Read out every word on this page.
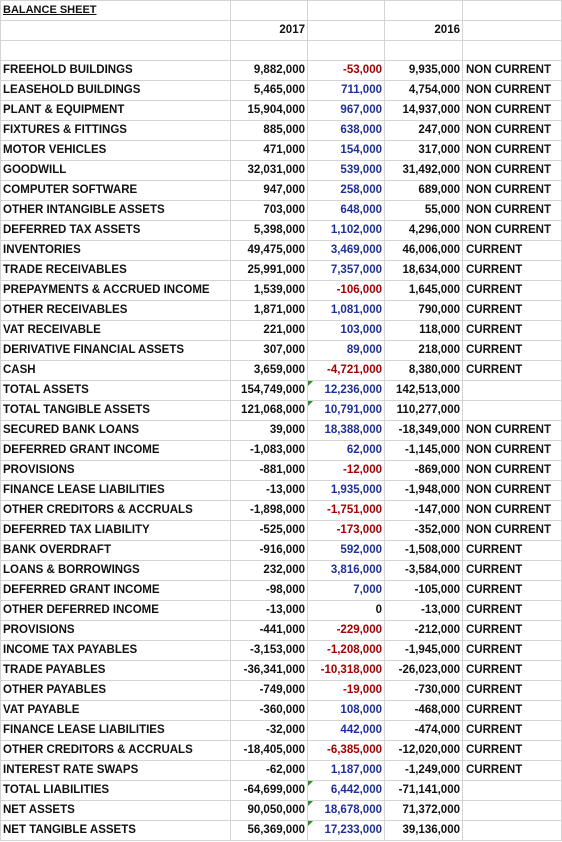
BALANCE SHEET				
	2017		2016	

FREEHOLD BUILDINGS	9,882,000	-53,000	9,935,000	NON CURRENT
LEASEHOLD BUILDINGS	5,465,000	711,000	4,754,000	NON CURRENT
PLANT & EQUIPMENT	15,904,000	967,000	14,937,000	NON CURRENT
FIXTURES & FITTINGS	885,000	638,000	247,000	NON CURRENT
MOTOR VEHICLES	471,000	154,000	317,000	NON CURRENT
GOODWILL	32,031,000	539,000	31,492,000	NON CURRENT
COMPUTER SOFTWARE	947,000	258,000	689,000	NON CURRENT
OTHER INTANGIBLE ASSETS	703,000	648,000	55,000	NON CURRENT
DEFERRED TAX ASSETS	5,398,000	1,102,000	4,296,000	NON CURRENT
INVENTORIES	49,475,000	3,469,000	46,006,000	CURRENT
TRADE RECEIVABLES	25,991,000	7,357,000	18,634,000	CURRENT
PREPAYMENTS & ACCRUED INCOME	1,539,000	-106,000	1,645,000	CURRENT
OTHER RECEIVABLES	1,871,000	1,081,000	790,000	CURRENT
VAT RECEIVABLE	221,000	103,000	118,000	CURRENT
DERIVATIVE FINANCIAL ASSETS	307,000	89,000	218,000	CURRENT
CASH	3,659,000	-4,721,000	8,380,000	CURRENT
TOTAL ASSETS	154,749,000	12,236,000	142,513,000	
TOTAL TANGIBLE ASSETS	121,068,000	10,791,000	110,277,000	
SECURED BANK LOANS	39,000	18,388,000	-18,349,000	NON CURRENT
DEFERRED GRANT INCOME	-1,083,000	62,000	-1,145,000	NON CURRENT
PROVISIONS	-881,000	-12,000	-869,000	NON CURRENT
FINANCE LEASE LIABILITIES	-13,000	1,935,000	-1,948,000	NON CURRENT
OTHER CREDITORS & ACCRUALS	-1,898,000	-1,751,000	-147,000	NON CURRENT
DEFERRED TAX LIABILITY	-525,000	-173,000	-352,000	NON CURRENT
BANK OVERDRAFT	-916,000	592,000	-1,508,000	CURRENT
LOANS & BORROWINGS	232,000	3,816,000	-3,584,000	CURRENT
DEFERRED GRANT INCOME	-98,000	7,000	-105,000	CURRENT
OTHER DEFERRED INCOME	-13,000	0	-13,000	CURRENT
PROVISIONS	-441,000	-229,000	-212,000	CURRENT
INCOME TAX PAYABLES	-3,153,000	-1,208,000	-1,945,000	CURRENT
TRADE PAYABLES	-36,341,000	-10,318,000	-26,023,000	CURRENT
OTHER PAYABLES	-749,000	-19,000	-730,000	CURRENT
VAT PAYABLE	-360,000	108,000	-468,000	CURRENT
FINANCE LEASE LIABILITIES	-32,000	442,000	-474,000	CURRENT
OTHER CREDITORS & ACCRUALS	-18,405,000	-6,385,000	-12,020,000	CURRENT
INTEREST RATE SWAPS	-62,000	1,187,000	-1,249,000	CURRENT
TOTAL LIABILITIES	-64,699,000	6,442,000	-71,141,000	
NET ASSETS	90,050,000	18,678,000	71,372,000	
NET TANGIBLE ASSETS	56,369,000	17,233,000	39,136,000	
